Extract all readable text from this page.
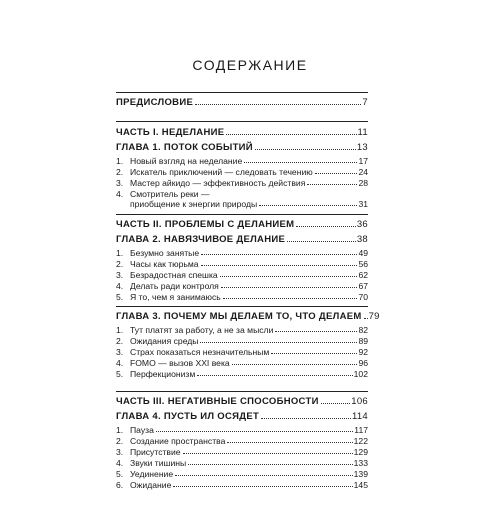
СОДЕРЖАНИЕ
ПРЕДИСЛОВИЕ	7
ЧАСТЬ I. НЕДЕЛАНИЕ	11
ГЛАВА 1. ПОТОК СОБЫТИЙ	13
1. Новый взгляд на неделание	17
2. Искатель приключений — следовать течению	24
3. Мастер айкидо — эффективность действия	28
4. Смотритель реки —
приобщение к энергии природы	31
ЧАСТЬ II. ПРОБЛЕМЫ С ДЕЛАНИЕМ	36
ГЛАВА 2. НАВЯЗЧИВОЕ ДЕЛАНИЕ	38
1. Безумно занятые	49
2. Часы как тюрьма	56
3. Безрадостная спешка	62
4. Делать ради контроля	67
5. Я то, чем я занимаюсь	70
ГЛАВА 3. ПОЧЕМУ МЫ ДЕЛАЕМ ТО, ЧТО ДЕЛАЕМ 79
1. Тут платят за работу, а не за мысли	82
2. Ожидания среды	89
3. Страх показаться незначительным	92
4. FOMO — вызов XXI века	96
5. Перфекционизм	102
ЧАСТЬ III. НЕГАТИВНЫЕ СПОСОБНОСТИ	106
ГЛАВА 4. ПУСТЬ ИЛ ОСЯДЕТ	114
1. Пауза	117
2. Создание пространства	122
3. Присутствие	129
4. Звуки тишины	133
5. Уединение	139
6. Ожидание	145
